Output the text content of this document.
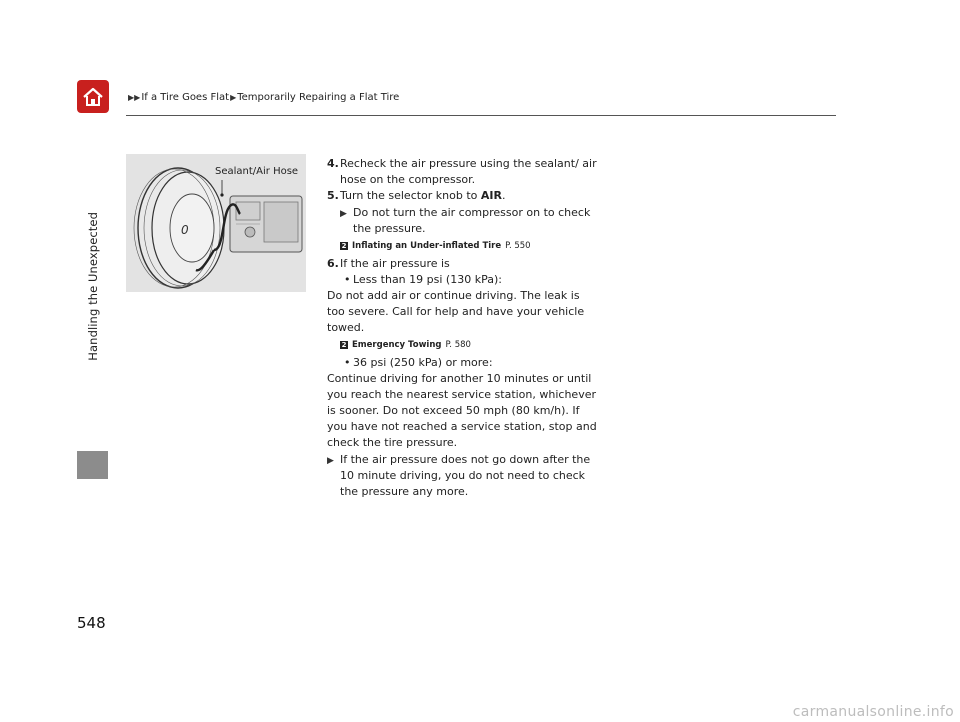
▶▶ If a Tire Goes Flat ▶ Temporarily Repairing a Flat Tire
Handling the Unexpected
548
0
Sealant/Air Hose
4. Recheck the air pressure using the sealant/ air hose on the compressor.
5. Turn the selector knob to AIR.
▶ Do not turn the air compressor on to check the pressure.
2 Inflating an Under-inflated Tire P. 550
6. If the air pressure is
• Less than 19 psi (130 kPa):
Do not add air or continue driving. The leak is too severe. Call for help and have your vehicle towed.
2 Emergency Towing P. 580
• 36 psi (250 kPa) or more:
Continue driving for another 10 minutes or until you reach the nearest service station, whichever is sooner. Do not exceed 50 mph (80 km/h). If you have not reached a service station, stop and check the tire pressure.
▶ If the air pressure does not go down after the 10 minute driving, you do not need to check the pressure any more.
carmanualsonline.info
